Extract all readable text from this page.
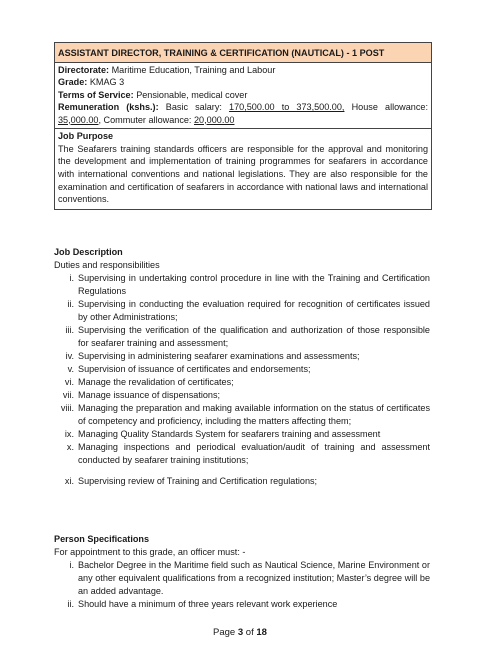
ASSISTANT DIRECTOR, TRAINING & CERTIFICATION (NAUTICAL) - 1 POST
Directorate: Maritime Education, Training and Labour
Grade: KMAG 3
Terms of Service: Pensionable, medical cover
Remuneration (kshs.): Basic salary: 170,500.00 to 373,500.00, House allowance: 35,000.00, Commuter allowance: 20,000.00
Job Purpose
The Seafarers training standards officers are responsible for the approval and monitoring the development and implementation of training programmes for seafarers in accordance with international conventions and national legislations. They are also responsible for the examination and certification of seafarers in accordance with national laws and international conventions.
Job Description
Duties and responsibilities
i. Supervising in undertaking control procedure in line with the Training and Certification Regulations
ii. Supervising in conducting the evaluation required for recognition of certificates issued by other Administrations;
iii. Supervising the verification of the qualification and authorization of those responsible for seafarer training and assessment;
iv. Supervising in administering seafarer examinations and assessments;
v. Supervision of issuance of certificates and endorsements;
vi. Manage the revalidation of certificates;
vii. Manage issuance of dispensations;
viii. Managing the preparation and making available information on the status of certificates of competency and proficiency, including the matters affecting them;
ix. Managing Quality Standards System for seafarers training and assessment
x. Managing inspections and periodical evaluation/audit of training and assessment conducted by seafarer training institutions;
xi. Supervising review of Training and Certification regulations;
Person Specifications
For appointment to this grade, an officer must: -
i. Bachelor Degree in the Maritime field such as Nautical Science, Marine Environment or any other equivalent qualifications from a recognized institution; Master’s degree will be an added advantage.
ii. Should have a minimum of three years relevant work experience
Page 3 of 18
